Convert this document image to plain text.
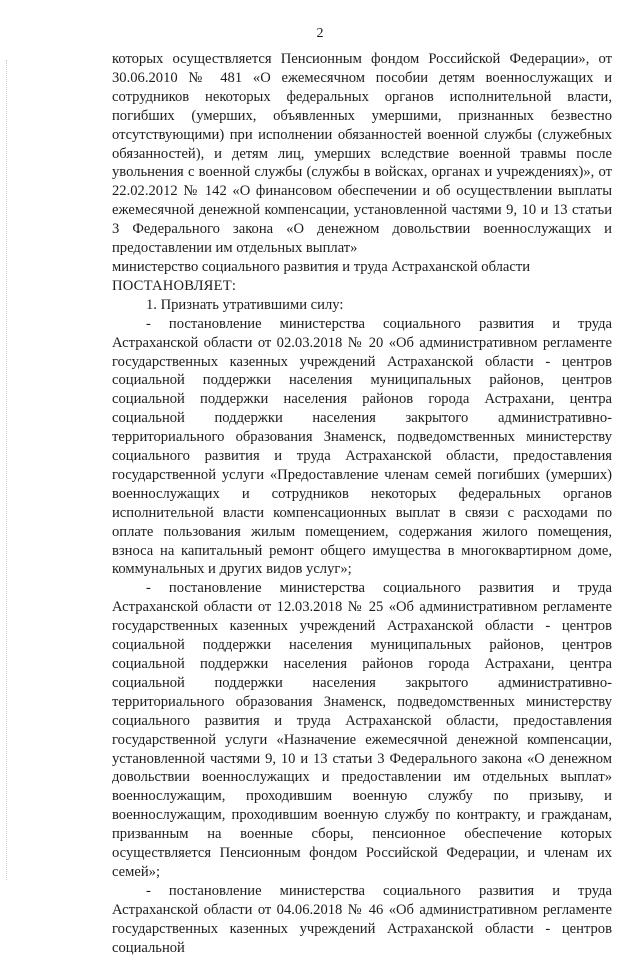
2

которых осуществляется Пенсионным фондом Российской Федерации», от 30.06.2010 № 481 «О ежемесячном пособии детям военнослужащих и сотрудников некоторых федеральных органов исполнительной власти, погибших (умерших, объявленных умершими, признанных безвестно отсутствующими) при исполнении обязанностей военной службы (служебных обязанностей), и детям лиц, умерших вследствие военной травмы после увольнения с военной службы (службы в войсках, органах и учреждениях)», от 22.02.2012 № 142 «О финансовом обеспечении и об осуществлении выплаты ежемесячной денежной компенсации, установленной частями 9, 10 и 13 статьи 3 Федерального закона «О денежном довольствии военнослужащих и предоставлении им отдельных выплат»

министерство социального развития и труда Астраханской области

ПОСТАНОВЛЯЕТ:

1. Признать утратившими силу:

- постановление министерства социального развития и труда Астраханской области от 02.03.2018 № 20 «Об административном регламенте государственных казенных учреждений Астраханской области - центров социальной поддержки населения муниципальных районов, центров социальной поддержки населения районов города Астрахани, центра социальной поддержки населения закрытого административно-территориального образования Знаменск, подведомственных министерству социального развития и труда Астраханской области, предоставления государственной услуги «Предоставление членам семей погибших (умерших) военнослужащих и сотрудников некоторых федеральных органов исполнительной власти компенсационных выплат в связи с расходами по оплате пользования жилым помещением, содержания жилого помещения, взноса на капитальный ремонт общего имущества в многоквартирном доме, коммунальных и других видов услуг»;

- постановление министерства социального развития и труда Астраханской области от 12.03.2018 № 25 «Об административном регламенте государственных казенных учреждений Астраханской области - центров социальной поддержки населения муниципальных районов, центров социальной поддержки населения районов города Астрахани, центра социальной поддержки населения закрытого административно-территориального образования Знаменск, подведомственных министерству социального развития и труда Астраханской области, предоставления государственной услуги «Назначение ежемесячной денежной компенсации, установленной частями 9, 10 и 13 статьи 3 Федерального закона «О денежном довольствии военнослужащих и предоставлении им отдельных выплат» военнослужащим, проходившим военную службу по призыву, и военнослужащим, проходившим военную службу по контракту, и гражданам, призванным на военные сборы, пенсионное обеспечение которых осуществляется Пенсионным фондом Российской Федерации, и членам их семей»;

- постановление министерства социального развития и труда Астраханской области от 04.06.2018 № 46 «Об административном регламенте государственных казенных учреждений Астраханской области - центров социальной
